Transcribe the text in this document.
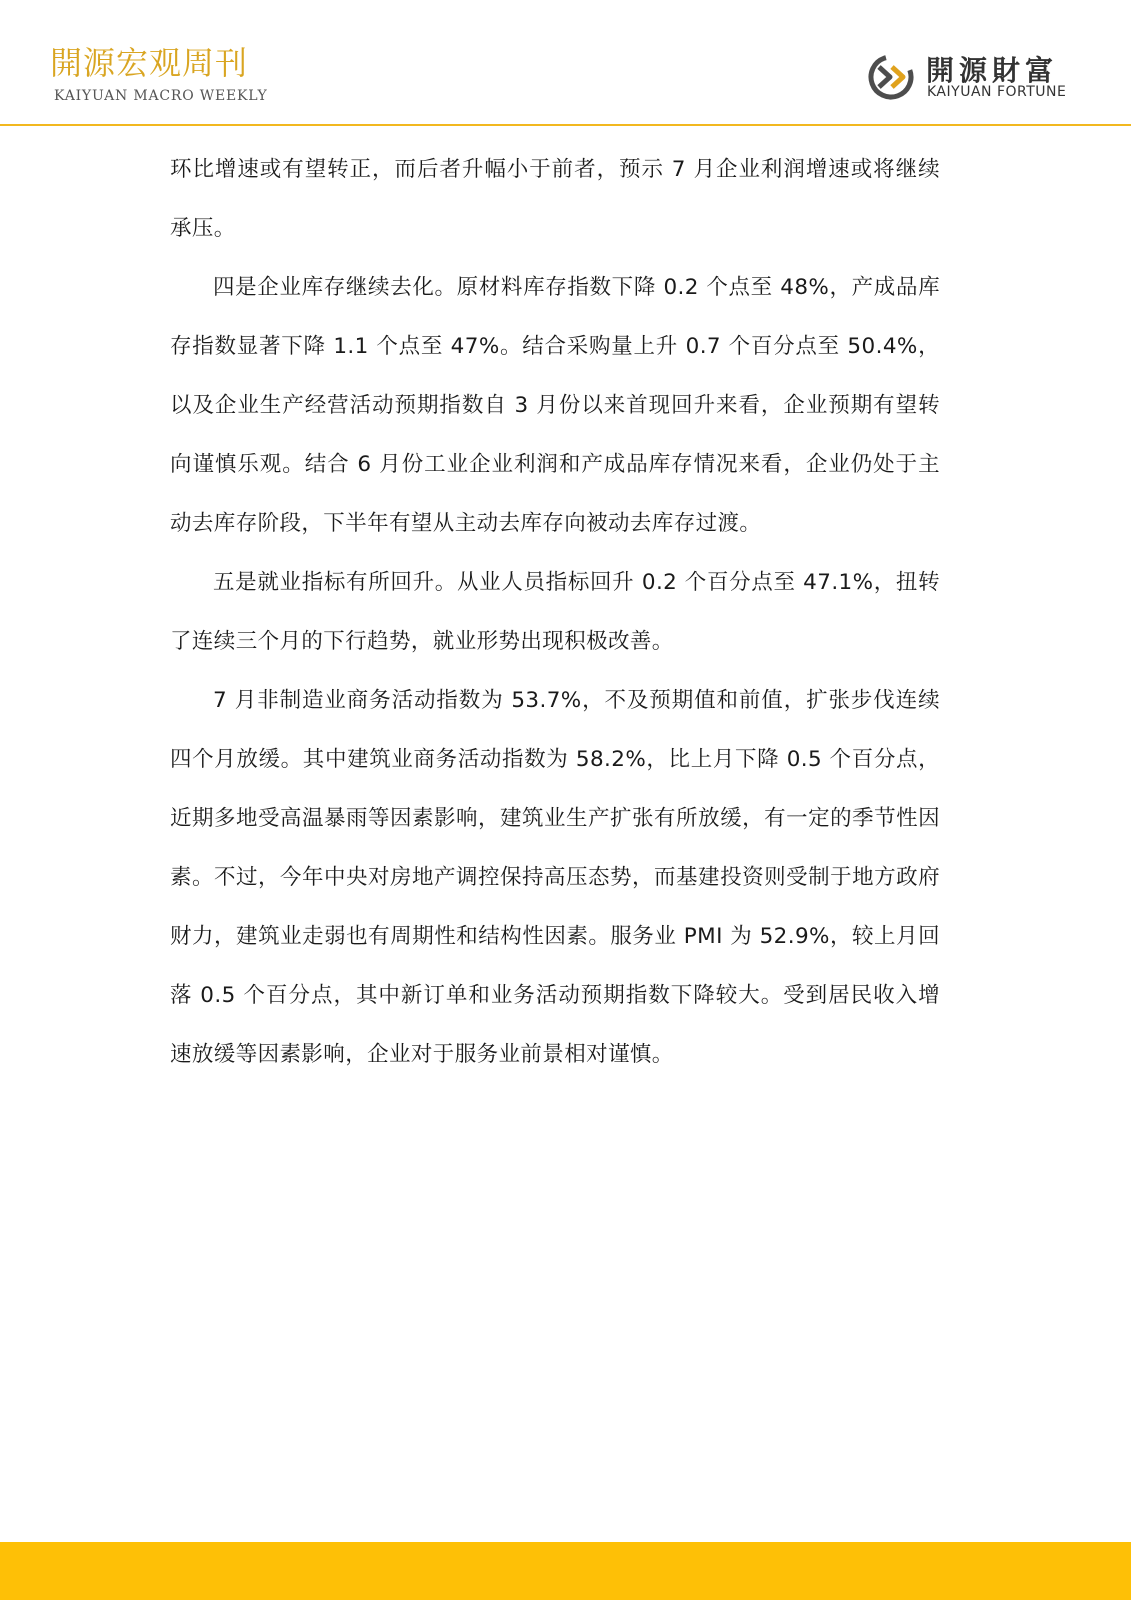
開源宏观周刊
KAIYUAN MACRO WEEKLY
開源財富
KAIYUAN FORTUNE

环比增速或有望转正，而后者升幅小于前者，预示 7 月企业利润增速或将继续承压。

四是企业库存继续去化。原材料库存指数下降 0.2 个点至 48%，产成品库存指数显著下降 1.1 个点至 47%。结合采购量上升 0.7 个百分点至 50.4%，以及企业生产经营活动预期指数自 3 月份以来首现回升来看，企业预期有望转向谨慎乐观。结合 6 月份工业企业利润和产成品库存情况来看，企业仍处于主动去库存阶段，下半年有望从主动去库存向被动去库存过渡。

五是就业指标有所回升。从业人员指标回升 0.2 个百分点至 47.1%，扭转了连续三个月的下行趋势，就业形势出现积极改善。

7 月非制造业商务活动指数为 53.7%，不及预期值和前值，扩张步伐连续四个月放缓。其中建筑业商务活动指数为 58.2%，比上月下降 0.5 个百分点，近期多地受高温暴雨等因素影响，建筑业生产扩张有所放缓，有一定的季节性因素。不过，今年中央对房地产调控保持高压态势，而基建投资则受制于地方政府财力，建筑业走弱也有周期性和结构性因素。服务业 PMI 为 52.9%，较上月回落 0.5 个百分点，其中新订单和业务活动预期指数下降较大。受到居民收入增速放缓等因素影响，企业对于服务业前景相对谨慎。
